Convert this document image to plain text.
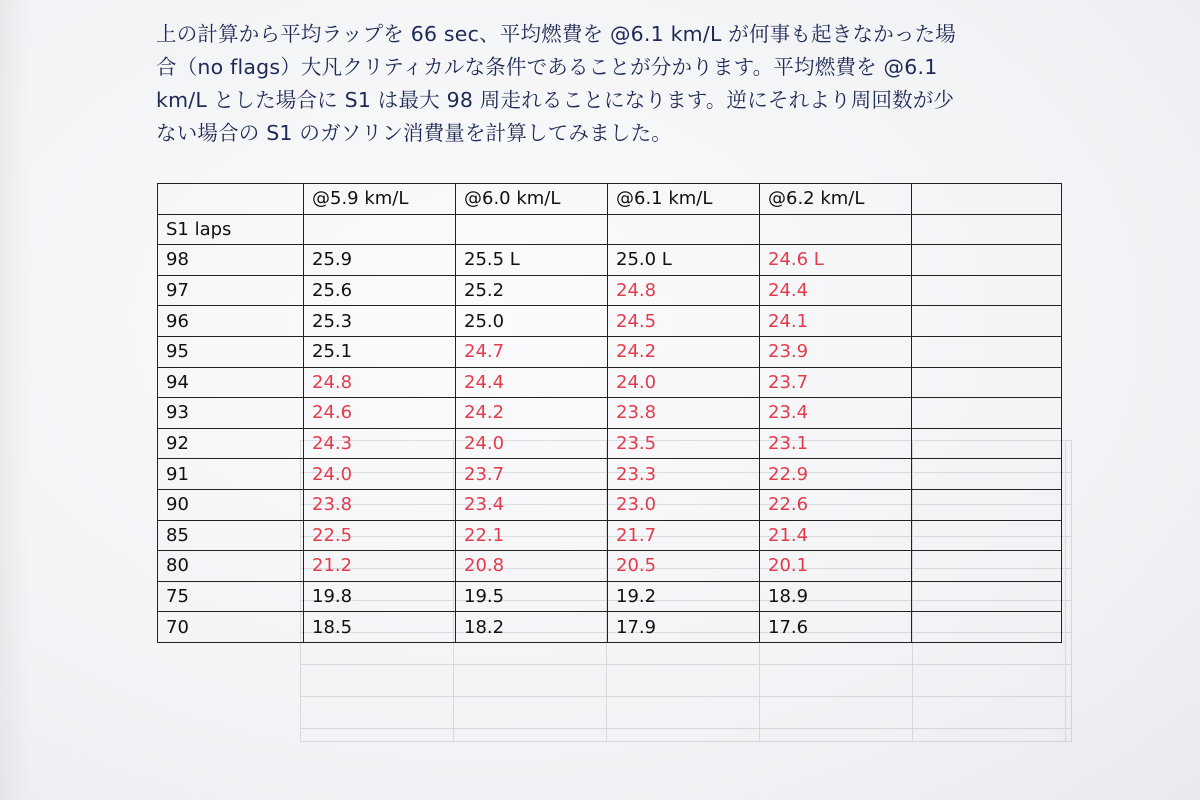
上の計算から平均ラップを 66 sec、平均燃費を @6.1 km/L が何事も起きなかった場
合（no flags）大凡クリティカルな条件であることが分かります。平均燃費を @6.1
km/L とした場合に S1 は最大 98 周走れることになります。逆にそれより周回数が少
ない場合の S1 のガソリン消費量を計算してみました。

	@5.9 km/L	@6.0 km/L	@6.1 km/L	@6.2 km/L	
S1 laps					
98	25.9	25.5 L	25.0 L	24.6 L	
97	25.6	25.2	24.8	24.4	
96	25.3	25.0	24.5	24.1	
95	25.1	24.7	24.2	23.9	
94	24.8	24.4	24.0	23.7	
93	24.6	24.2	23.8	23.4	
92	24.3	24.0	23.5	23.1	
91	24.0	23.7	23.3	22.9	
90	23.8	23.4	23.0	22.6	
85	22.5	22.1	21.7	21.4	
80	21.2	20.8	20.5	20.1	
75	19.8	19.5	19.2	18.9	
70	18.5	18.2	17.9	17.6	
